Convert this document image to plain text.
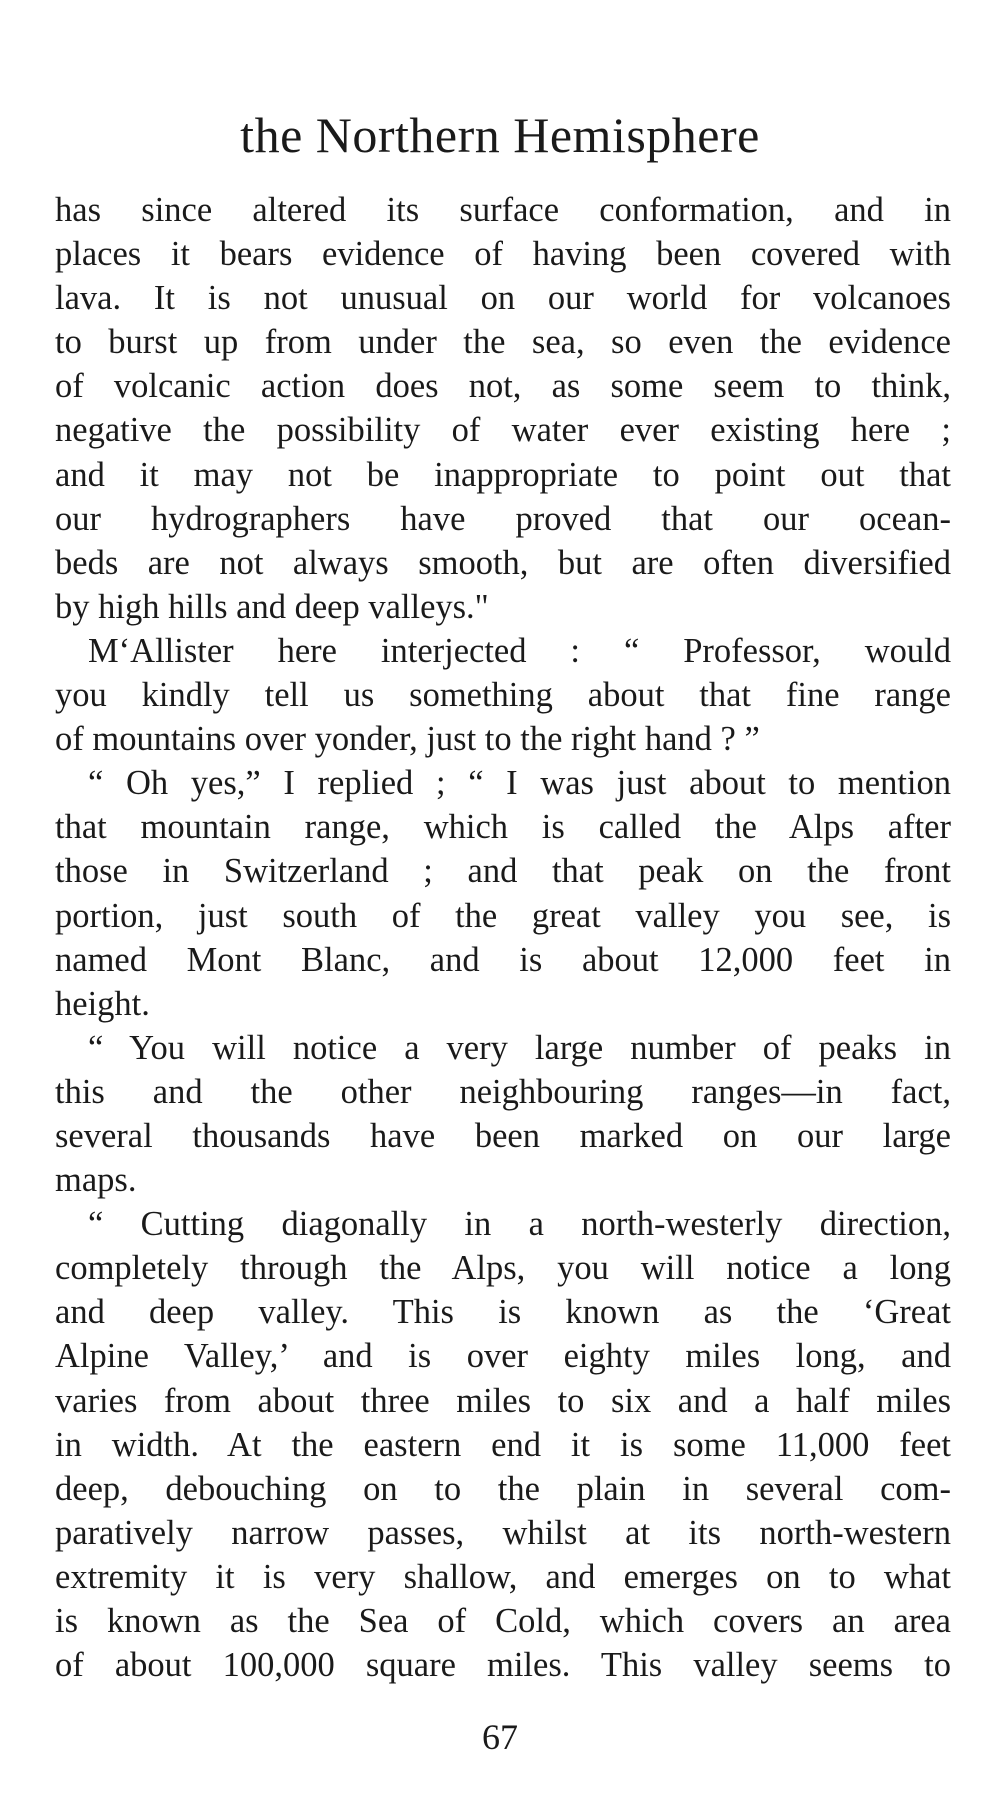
the Northern Hemisphere

has since altered its surface conformation, and in
places it bears evidence of having been covered with
lava. It is not unusual on our world for volcanoes
to burst up from under the sea, so even the evidence
of volcanic action does not, as some seem to think,
negative the possibility of water ever existing here ;
and it may not be inappropriate to point out that
our hydrographers have proved that our ocean-
beds are not always smooth, but are often diversified
by high hills and deep valleys."

M‘Allister here interjected : “ Professor, would
you kindly tell us something about that fine range
of mountains over yonder, just to the right hand ? ”

“ Oh yes,” I replied ; “ I was just about to mention
that mountain range, which is called the Alps after
those in Switzerland ; and that peak on the front
portion, just south of the great valley you see, is
named Mont Blanc, and is about 12,000 feet in
height.

“ You will notice a very large number of peaks in
this and the other neighbouring ranges—in fact,
several thousands have been marked on our large
maps.

“ Cutting diagonally in a north-westerly direction,
completely through the Alps, you will notice a long
and deep valley. This is known as the ‘Great
Alpine Valley,’ and is over eighty miles long, and
varies from about three miles to six and a half miles
in width. At the eastern end it is some 11,000 feet
deep, debouching on to the plain in several com-
paratively narrow passes, whilst at its north-western
extremity it is very shallow, and emerges on to what
is known as the Sea of Cold, which covers an area
of about 100,000 square miles. This valley seems to

67
